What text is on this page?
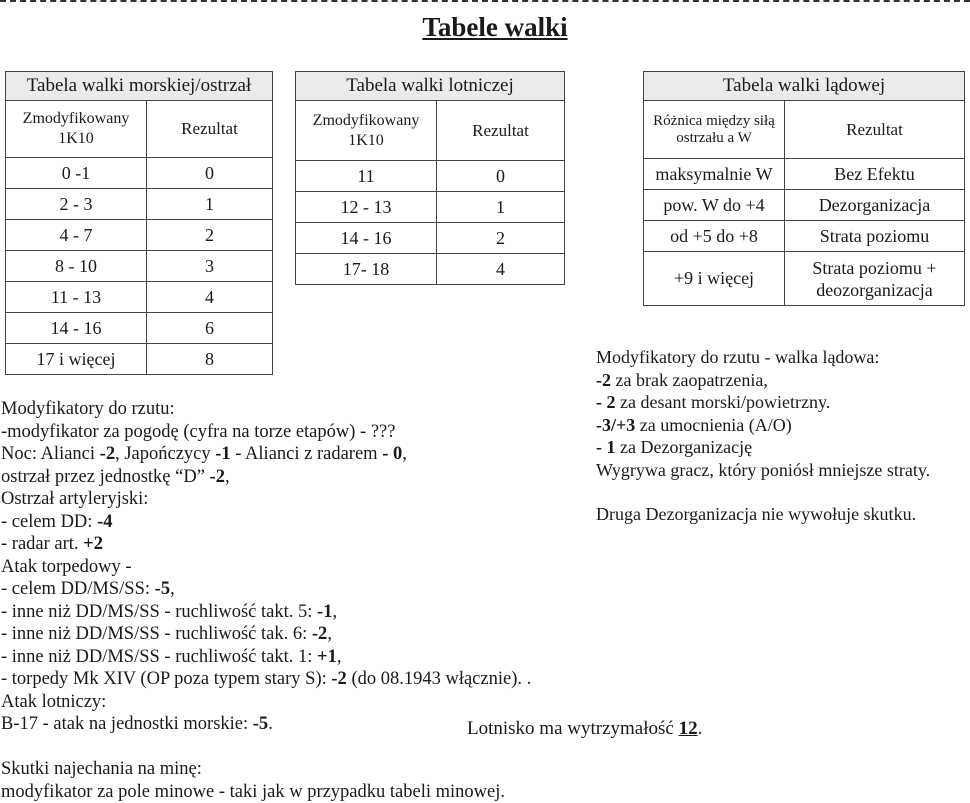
Tabele walki
Tabela walki morskiej/ostrzał	
Zmodyfikowany 1K10	Rezultat
0 -1	0
2 - 3	1
4 - 7	2
8 - 10	3
11 - 13	4
14 - 16	6
17 i więcej	8
Tabela walki lotniczej	
Zmodyfikowany 1K10	Rezultat
11	0
12 - 13	1
14 - 16	2
17- 18	4
Tabela walki lądowej	
Różnica między siłą ostrzału a W	Rezultat
maksymalnie W	Bez Efektu
pow. W do +4	Dezorganizacja
od +5 do +8	Strata poziomu
+9 i więcej	Strata poziomu + deozorganizacja
Modyfikatory do rzutu - walka lądowa:
-2 za brak zaopatrzenia,
- 2 za desant morski/powietrzny.
-3/+3 za umocnienia (A/O)
- 1 za Dezorganizację
Wygrywa gracz, który poniósł mniejsze straty.
Druga Dezorganizacja nie wywołuje skutku.
Modyfikatory do rzutu:
-modyfikator za pogodę (cyfra na torze etapów) - ???
Noc: Alianci -2, Japończycy -1 - Alianci z radarem - 0,
ostrzał przez jednostkę “D” -2,
Ostrzał artyleryjski:
- celem DD: -4
- radar art. +2
Atak torpedowy -
- celem DD/MS/SS: -5,
- inne niż DD/MS/SS - ruchliwość takt. 5: -1,
- inne niż DD/MS/SS - ruchliwość tak. 6: -2,
- inne niż DD/MS/SS - ruchliwość takt. 1: +1,
- torpedy Mk XIV (OP poza typem stary S): -2 (do 08.1943 włącznie). .
Atak lotniczy:
B-17 - atak na jednostki morskie: -5.	Lotnisko ma wytrzymałość 12.
Skutki najechania na minę:
modyfikator za pole minowe - taki jak w przypadku tabeli minowej.
